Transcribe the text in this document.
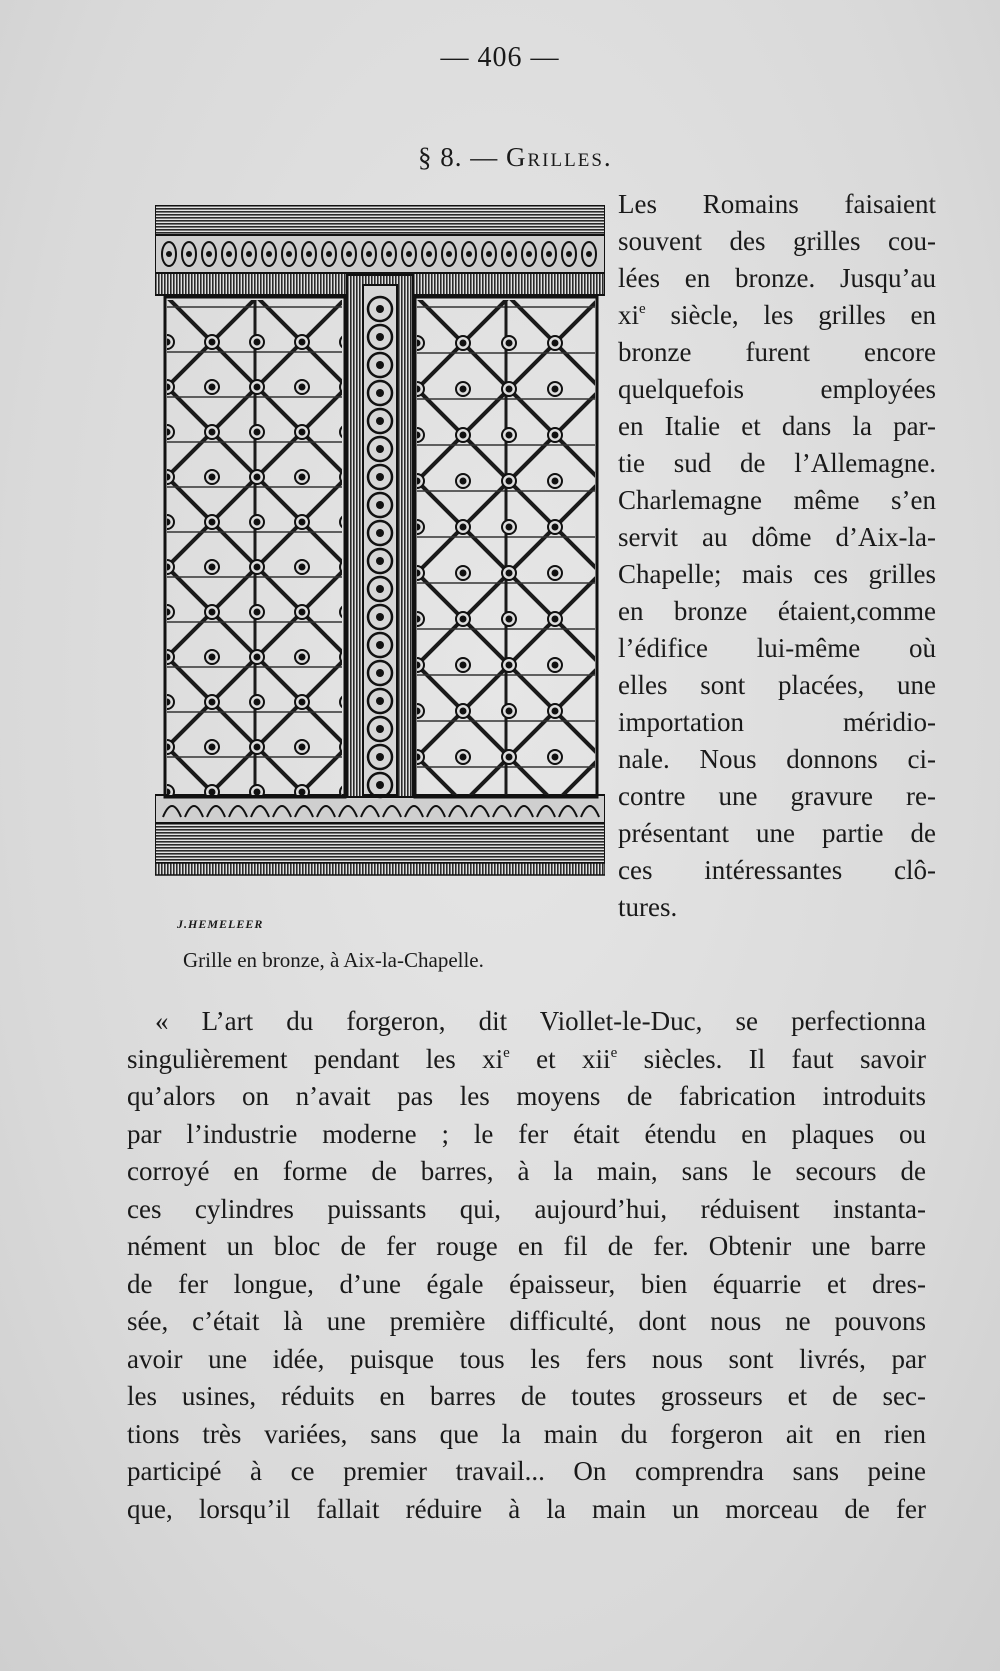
— 406 —
§ 8. — Grilles.
J.HEMELEER
Grille en bronze, à Aix-la-Chapelle.
Les Romains faisaient
souvent des grilles cou-
lées en bronze. Jusqu’au
$xi^e$ siècle, les grilles en
bronze furent encore
quelquefois employées
en Italie et dans la par-
tie sud de l’Allemagne.
Charlemagne même s’en
servit au dôme d’Aix-la-
Chapelle; mais ces grilles
en bronze étaient,comme
l’édifice lui-même où
elles sont placées, une
importation méridio-
nale. Nous donnons ci-
contre une gravure re-
présentant une partie de
ces intéressantes clô-
tures.
« L’art du forgeron, dit Viollet-le-Duc, se perfectionna
singulièrement pendant les $xi^e$ et xii$^e$ siècles. Il faut savoir
qu’alors on n’avait pas les moyens de fabrication introduits
par l’industrie moderne ; le fer était étendu en plaques ou
corroyé en forme de barres, à la main, sans le secours de
ces cylindres puissants qui, aujourd’hui, réduisent instanta-
nément un bloc de fer rouge en fil de fer. Obtenir une barre
de fer longue, d’une égale épaisseur, bien équarrie et dres-
sée, c’était là une première difficulté, dont nous ne pouvons
avoir une idée, puisque tous les fers nous sont livrés, par
les usines, réduits en barres de toutes grosseurs et de sec-
tions très variées, sans que la main du forgeron ait en rien
participé à ce premier travail... On comprendra sans peine
que, lorsqu’il fallait réduire à la main un morceau de fer
